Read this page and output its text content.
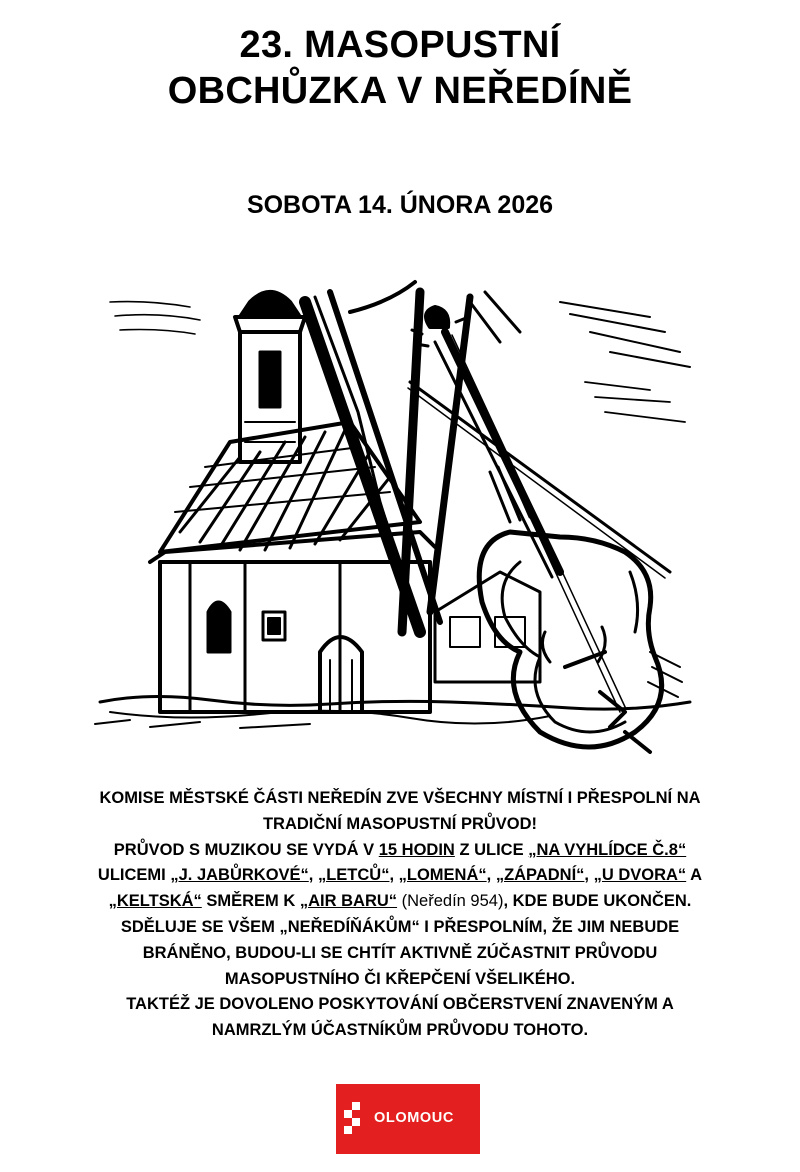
23. MASOPUSTNÍ
OBCHŮZKA V NEŘEDÍNĚ
SOBOTA 14. ÚNORA 2026
KOMISE MĚSTSKÉ ČÁSTI NEŘEDÍN ZVE VŠECHNY MÍSTNÍ I PŘESPOLNÍ NA
TRADIČNÍ MASOPUSTNÍ PRŮVOD!
PRŮVOD S MUZIKOU SE VYDÁ V 15 HODIN Z ULICE „NA VYHLÍDCE Č.8“
ULICEMI „J. JABŮRKOVÉ“, „LETCŮ“, „LOMENÁ“, „ZÁPADNÍ“, „U DVORA“ A
„KELTSKÁ“ SMĚREM K „AIR BARU“ (Neředín 954), KDE BUDE UKONČEN.
SDĚLUJE SE VŠEM „NEŘEDÍŇÁKŮM“ I PŘESPOLNÍM, ŽE JIM NEBUDE
BRÁNĚNO, BUDOU-LI SE CHTÍT AKTIVNĚ ZÚČASTNIT PRŮVODU
MASOPUSTNÍHO ČI KŘEPČENÍ VŠELIKÉHO.
TAKTÉŽ JE DOVOLENO POSKYTOVÁNÍ OBČERSTVENÍ ZNAVENÝM A
NAMRZLÝM ÚČASTNÍKŮM PRŮVODU TOHOTO.
OLOMOUC
